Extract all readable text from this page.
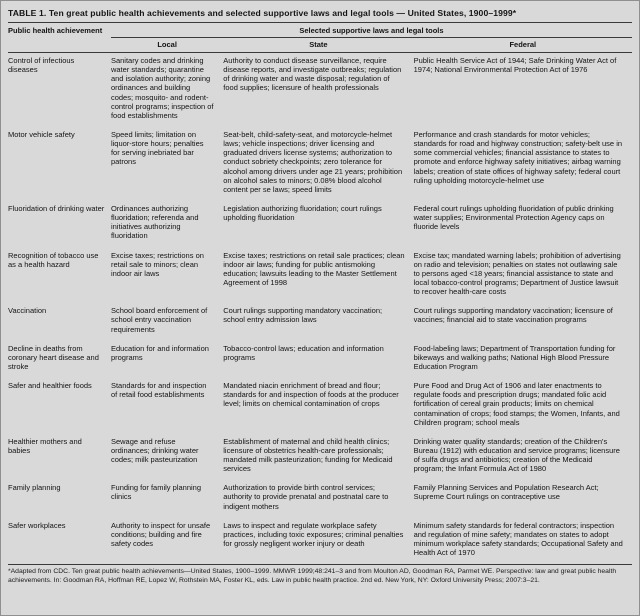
TABLE 1. Ten great public health achievements and selected supportive laws and legal tools — United States, 1900–1999*
Public health achievement	Selected supportive laws and legal tools		
	Local	State	Federal
Control of infectious diseases	Sanitary codes and drinking water standards; quarantine and isolation authority; zoning ordinances and building codes; mosquito- and rodent-control programs; inspection of food establishments	Authority to conduct disease surveillance, require disease reports, and investigate outbreaks; regulation of drinking water and waste disposal; regulation of food supplies; licensure of health professionals	Public Health Service Act of 1944; Safe Drinking Water Act of 1974; National Environmental Protection Act of 1976
Motor vehicle safety	Speed limits; limitation on liquor-store hours; penalties for serving inebriated bar patrons	Seat-belt, child-safety-seat, and motorcycle-helmet laws; vehicle inspections; driver licensing and graduated drivers license systems; authorization to conduct sobriety checkpoints; zero tolerance for alcohol among drivers under age 21 years; prohibition on alcohol sales to minors; 0.08% blood alcohol content per se laws; speed limits	Performance and crash standards for motor vehicles; standards for road and highway construction; safety-belt use in some commercial vehicles; financial assistance to states to promote and enforce highway safety initiatives; airbag warning labels; creation of state offices of highway safety; federal court ruling upholding motorcycle-helmet use
Fluoridation of drinking water	Ordinances authorizing fluoridation; referenda and initiatives authorizing fluoridation	Legislation authorizing fluoridation; court rulings upholding fluoridation	Federal court rulings upholding fluoridation of public drinking water supplies; Environmental Protection Agency caps on fluoride levels
Recognition of tobacco use as a health hazard	Excise taxes; restrictions on retail sale to minors; clean indoor air laws	Excise taxes; restrictions on retail sale practices; clean indoor air laws; funding for public antismoking education; lawsuits leading to the Master Settlement Agreement of 1998	Excise tax; mandated warning labels; prohibition of advertising on radio and television; penalties on states not outlawing sale to persons aged <18 years; financial assistance to state and local tobacco-control programs; Department of Justice lawsuit to recover health-care costs
Vaccination	School board enforcement of school entry vaccination requirements	Court rulings supporting mandatory vaccination; school entry admission laws	Court rulings supporting mandatory vaccination; licensure of vaccines; financial aid to state vaccination programs
Decline in deaths from coronary heart disease and stroke	Education for and information programs	Tobacco-control laws; education and information programs	Food-labeling laws; Department of Transportation funding for bikeways and walking paths; National High Blood Pressure Education Program
Safer and healthier foods	Standards for and inspection of retail food establishments	Mandated niacin enrichment of bread and flour; standards for and inspection of foods at the producer level; limits on chemical contamination of crops	Pure Food and Drug Act of 1906 and later enactments to regulate foods and prescription drugs; mandated folic acid fortification of cereal grain products; limits on chemical contamination of crops; food stamps; the Women, Infants, and Children program; school meals
Healthier mothers and babies	Sewage and refuse ordinances; drinking water codes; milk pasteurization	Establishment of maternal and child health clinics; licensure of obstetrics health-care professionals; mandated milk pasteurization; funding for Medicaid services	Drinking water quality standards; creation of the Children's Bureau (1912) with education and service programs; licensure of sulfa drugs and antibiotics; creation of the Medicaid program; the Infant Formula Act of 1980
Family planning	Funding for family planning clinics	Authorization to provide birth control services; authority to provide prenatal and postnatal care to indigent mothers	Family Planning Services and Population Research Act; Supreme Court rulings on contraceptive use
Safer workplaces	Authority to inspect for unsafe conditions; building and fire safety codes	Laws to inspect and regulate workplace safety practices, including toxic exposures; criminal penalties for grossly negligent worker injury or death	Minimum safety standards for federal contractors; inspection and regulation of mine safety; mandates on states to adopt minimum workplace safety standards; Occupational Safety and Health Act of 1970
*Adapted from CDC. Ten great public health achievements—United States, 1900–1999. MMWR 1999;48:241–3 and from Moulton AD, Goodman RA, Parmet WE. Perspective: law and great public health achievements. In: Goodman RA, Hoffman RE, Lopez W, Rothstein MA, Foster KL, eds. Law in public health practice. 2nd ed. New York, NY: Oxford University Press; 2007:3–21.
